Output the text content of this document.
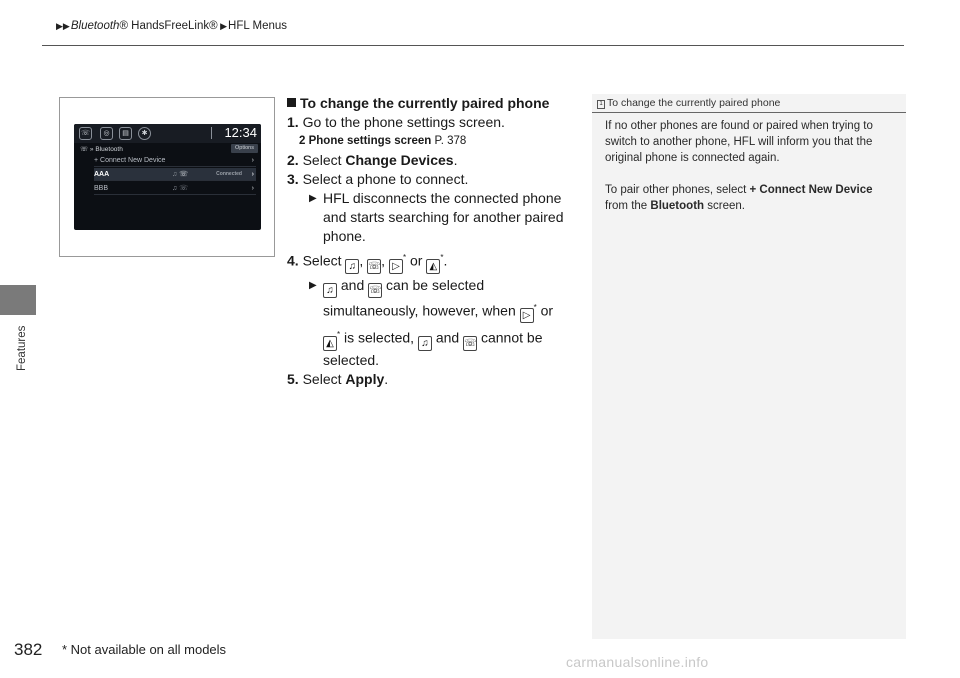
▶▶Bluetooth® HandsFreeLink® ▶HFL Menus
Features
☏	◎	▤	✱	12:34
☏ » Bluetooth	Options
+ Connect New Device	›
AAA	♫ ☏	Connected ›
BBB	♫ ☏	›
To change the currently paired phone
1. Go to the phone settings screen.
2 Phone settings screen P. 378
2. Select Change Devices.
3. Select a phone to connect.
▶ HFL disconnects the connected phone
and starts searching for another paired
phone.
4. Select ♫ , ☏, ▷* or ◭*.
▶ ♫ and ☏ can be selected
simultaneously, however, when ▷* or
◭* is selected, ♫ and ☏ cannot be
selected.
5. Select Apply.
1 To change the currently paired phone

If no other phones are found or paired when trying to switch to another phone, HFL will inform you that the original phone is connected again.

To pair other phones, select + Connect New Device from the Bluetooth screen.

382 * Not available on all models
carmanualsonline.info
